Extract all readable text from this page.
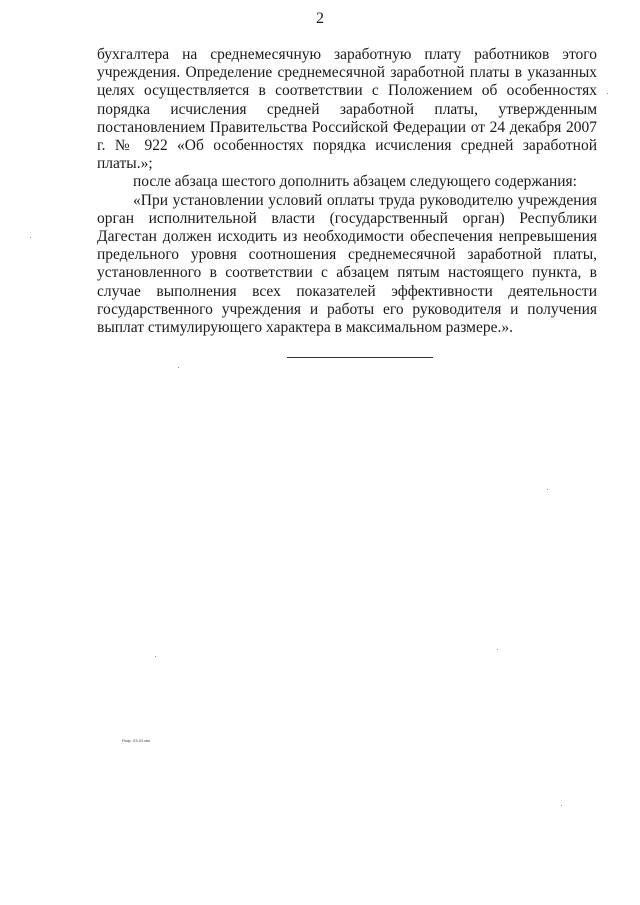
2

бухгалтера на среднемесячную заработную плату работников этого учреждения. Определение среднемесячной заработной платы в указанных целях осуществляется в соответствии с Положением об особенностях порядка исчисления средней заработной платы, утвержденным постановлением Правительства Российской Федерации от 24 декабря 2007 г. № 922 «Об особенностях порядка исчисления средней заработной платы.»;

после абзаца шестого дополнить абзацем следующего содержания:

«При установлении условий оплаты труда руководителю учреждения орган исполнительной власти (государственный орган) Республики Дагестан должен исходить из необходимости обеспечения непревышения предельного уровня соотношения среднемесячной заработной платы, установленного в соответствии с абзацем пятым настоящего пункта, в случае выполнения всех показателей эффективности деятельности государственного учреждения и работы его руководителя и получения выплат стимулирующего характера в максимальном размере.».

Разр. 03-03 мм
